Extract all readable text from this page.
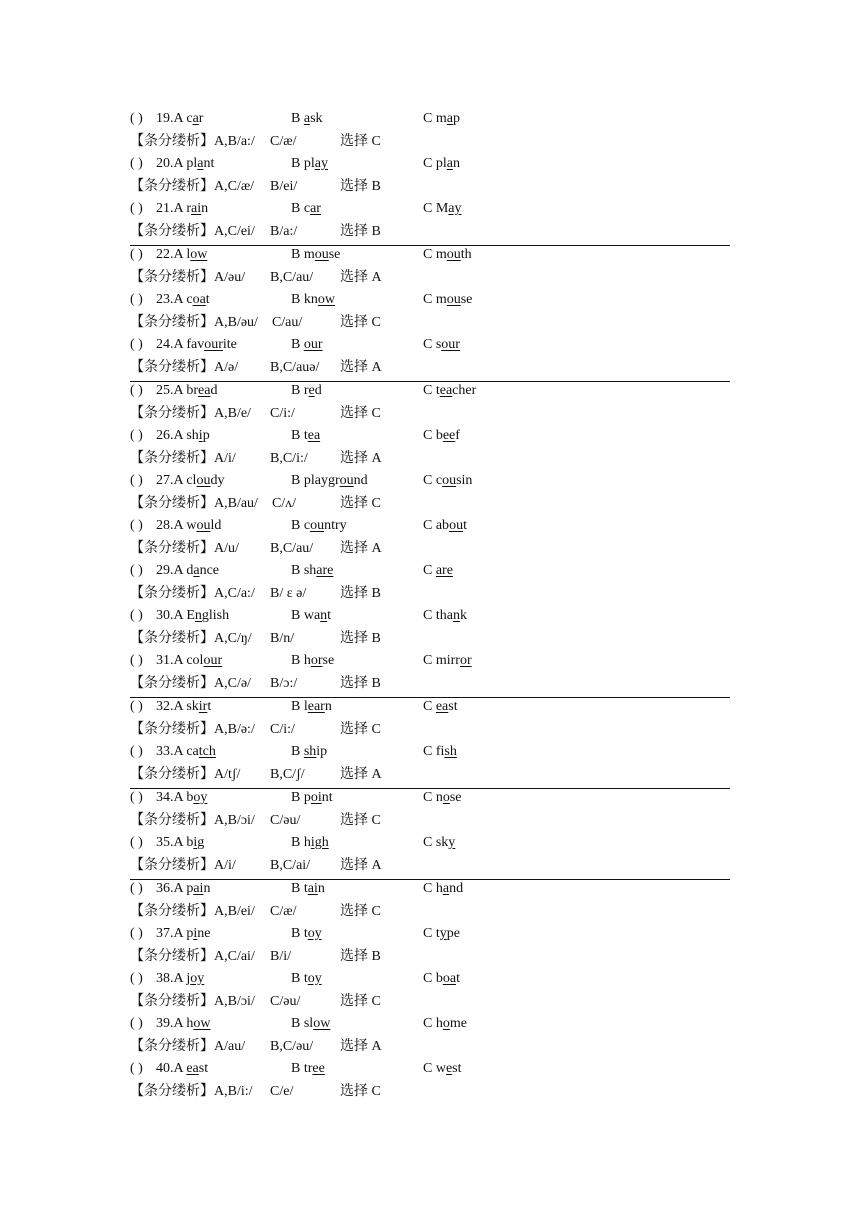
( ) 19.A car	B ask	C map
【条分缕析】A,B/a:/ C/æ/	选择 C
( ) 20.A plant	B play	C plan
【条分缕析】A,C/æ/ B/ei/	选择 B
( ) 21.A rain	B car	C May
【条分缕析】A,C/ei/ B/a:/	选择 B
( ) 22.A low	B mouse	C mouth
【条分缕析】A/əu/ B,C/au/ 选择 A
( ) 23.A coat	B know	C mouse
【条分缕析】A,B/əu/ C/au/	选择 C
( ) 24.A favourite	B our	C sour
【条分缕析】A/ə/ B,C/auə/ 选择 A
( ) 25.A bread	B red	C teacher
【条分缕析】A,B/e/ C/i:/	选择 C
( ) 26.A ship	B tea	C beef
【条分缕析】A/i/ B,C/i:/ 选择 A
( ) 27.A cloudy	B playground	C cousin
【条分缕析】A,B/au/ C/ʌ/	选择 C
( ) 28.A would	B country	C about
【条分缕析】A/u/ B,C/au/ 选择 A
( ) 29.A dance	B share	C are
【条分缕析】A,C/a:/ B/ ɛ ə/ 选择 B
( ) 30.A English	B want	C thank
【条分缕析】A,C/ŋ/ B/n/	选择 B
( ) 31.A colour	B horse	C mirror
【条分缕析】A,C/ə/ B/ɔ:/	选择 B
( ) 32.A skirt	B learn	C east
【条分缕析】A,B/ə:/ C/i:/	选择 C
( ) 33.A catch	B ship	C fish
【条分缕析】A/tʃ/ B,C/ʃ/	选择 A
( ) 34.A boy	B point	C nose
【条分缕析】A,B/ɔi/ C/əu/	选择 C
( ) 35.A big	B high	C sky
【条分缕析】A/i/ B,C/ai/ 选择 A
( ) 36.A pain	B tain	C hand
【条分缕析】A,B/ei/ C/æ/	选择 C
( ) 37.A pine	B toy	C type
【条分缕析】A,C/ai/ B/i/	选择 B
( ) 38.A joy	B toy	C boat
【条分缕析】A,B/ɔi/ C/əu/	选择 C
( ) 39.A how	B slow	C home
【条分缕析】A/au/ B,C/əu/ 选择 A
( ) 40.A east	B tree	C west
【条分缕析】A,B/i:/ C/e/	选择 C
